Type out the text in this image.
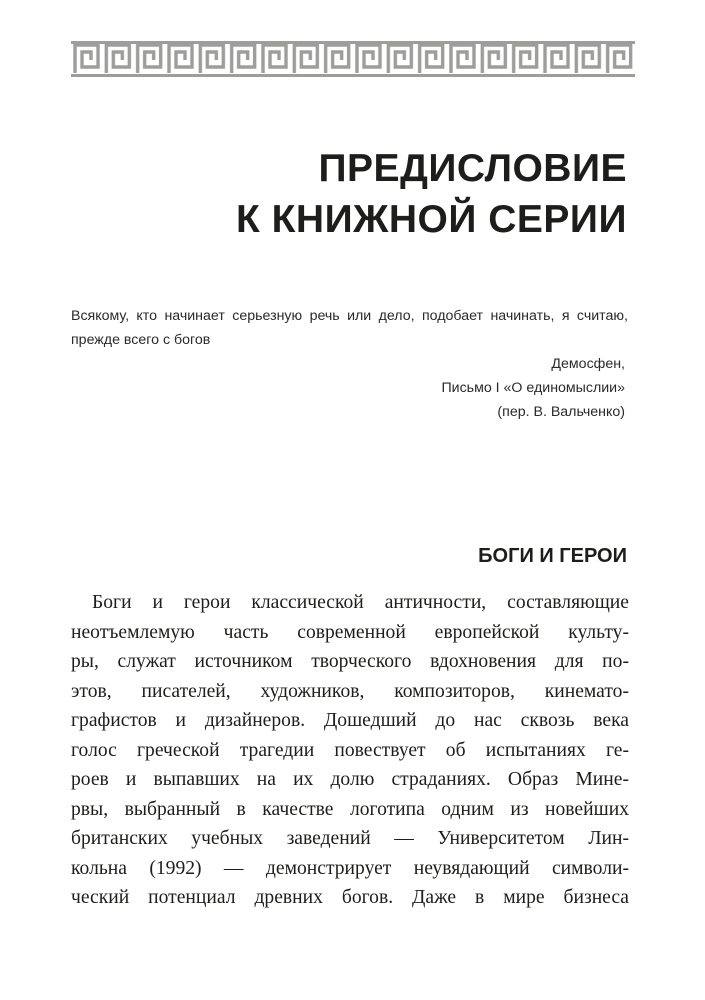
ПРЕДИСЛОВИЕ
К КНИЖНОЙ СЕРИИ

Всякому, кто начинает серьезную речь или дело, подобает начинать, я считаю, прежде всего с богов

Демосфен,
Письмо I «О единомыслии»
(пер. В. Вальченко)

БОГИ И ГЕРОИ
Боги и герои классической античности, составляющие
неотъемлемую часть современной европейской культу-
ры, служат источником творческого вдохновения для по-
этов, писателей, художников, композиторов, кинемато-
графистов и дизайнеров. Дошедший до нас сквозь века
голос греческой трагедии повествует об испытаниях ге-
роев и выпавших на их долю страданиях. Образ Мине-
рвы, выбранный в качестве логотипа одним из новейших
британских учебных заведений — Университетом Лин-
кольна (1992) — демонстрирует неувядающий символи-
ческий потенциал древних богов. Даже в мире бизнеса
